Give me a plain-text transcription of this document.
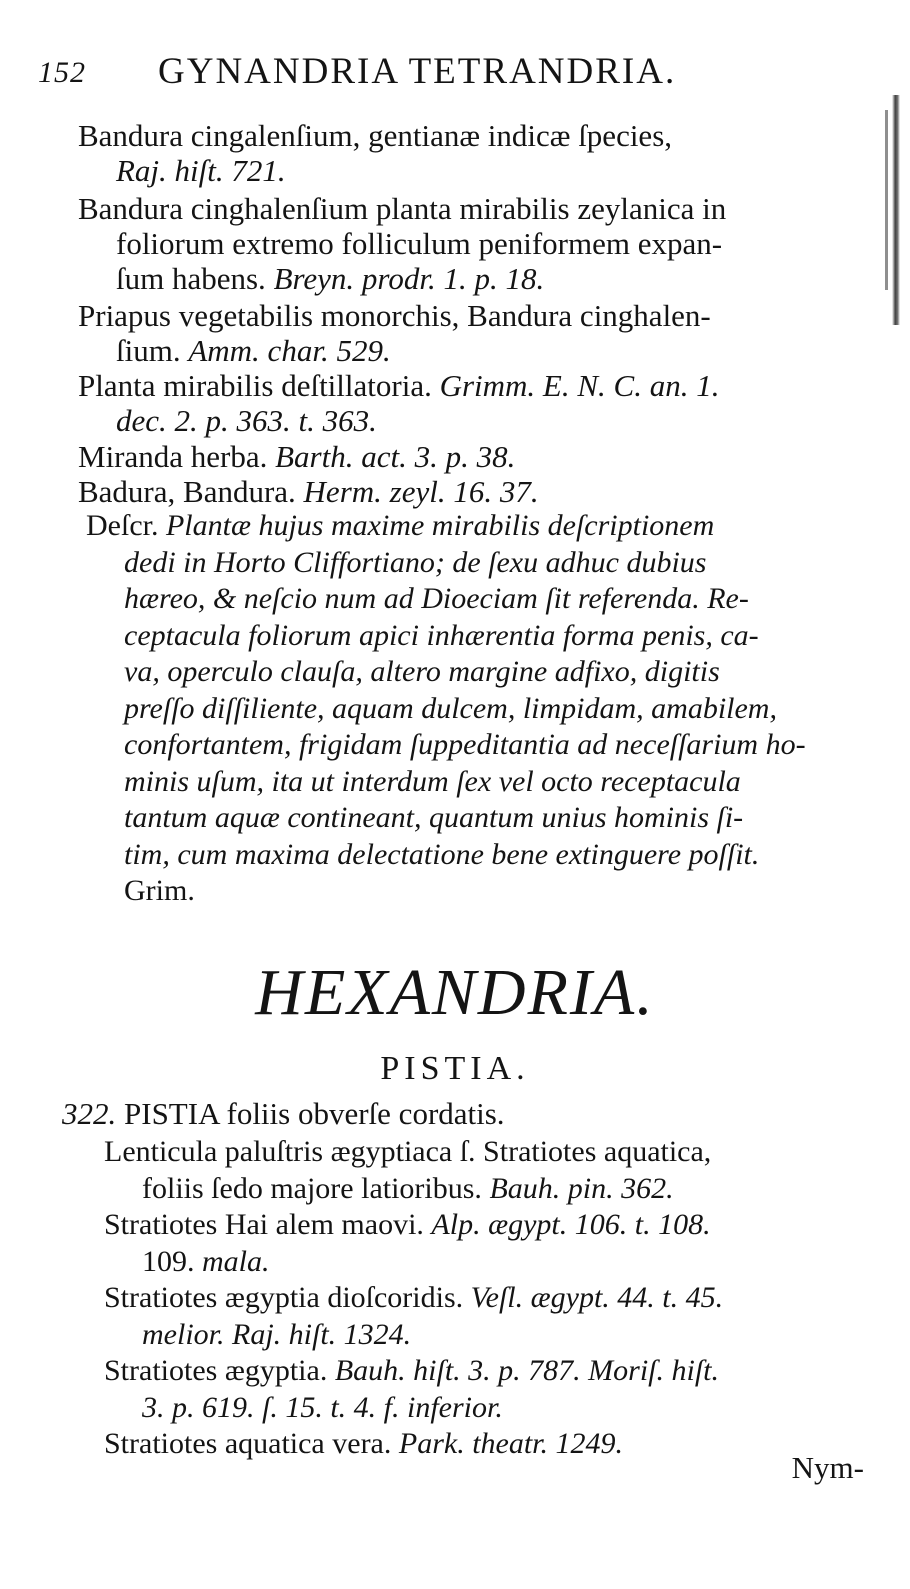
152 GYNANDRIA TETRANDRIA.
Bandura cingalenſium, gentianæ indicæ ſpecies,
Raj. hiſt. 721.
Bandura cinghalenſium planta mirabilis zeylanica in
foliorum extremo folliculum peniformem expan-
ſum habens. Breyn. prodr. 1. p. 18.
Priapus vegetabilis monorchis, Bandura cinghalen-
ſium. Amm. char. 529.
Planta mirabilis deſtillatoria. Grimm. E. N. C. an. 1.
dec. 2. p. 363. t. 363.
Miranda herba. Barth. act. 3. p. 38.
Badura, Bandura. Herm. zeyl. 16. 37.
Deſcr. Plantæ hujus maxime mirabilis deſcriptionem
dedi in Horto Cliffortiano; de ſexu adhuc dubius
hæreo, & neſcio num ad Dioeciam ſit referenda. Re-
ceptacula foliorum apici inhærentia forma penis, ca-
va, operculo clauſa, altero margine adfixo, digitis
preſſo diſſiliente, aquam dulcem, limpidam, amabilem,
confortantem, frigidam ſuppeditantia ad neceſſarium ho-
minis uſum, ita ut interdum ſex vel octo receptacula
tantum aquæ contineant, quantum unius hominis ſi-
tim, cum maxima delectatione bene extinguere poſſit.
Grim.
HEXANDRIA.
PISTIA.
322. PISTIA foliis obverſe cordatis.
Lenticula paluſtris ægyptiaca ſ. Stratiotes aquatica,
foliis ſedo majore latioribus. Bauh. pin. 362.
Stratiotes Hai alem maovi. Alp. ægypt. 106. t. 108.
109. mala.
Stratiotes ægyptia dioſcoridis. Veſl. ægypt. 44. t. 45.
melior. Raj. hiſt. 1324.
Stratiotes ægyptia. Bauh. hiſt. 3. p. 787. Moriſ. hiſt.
3. p. 619. ſ. 15. t. 4. f. inferior.
Stratiotes aquatica vera. Park. theatr. 1249.
Nym-
